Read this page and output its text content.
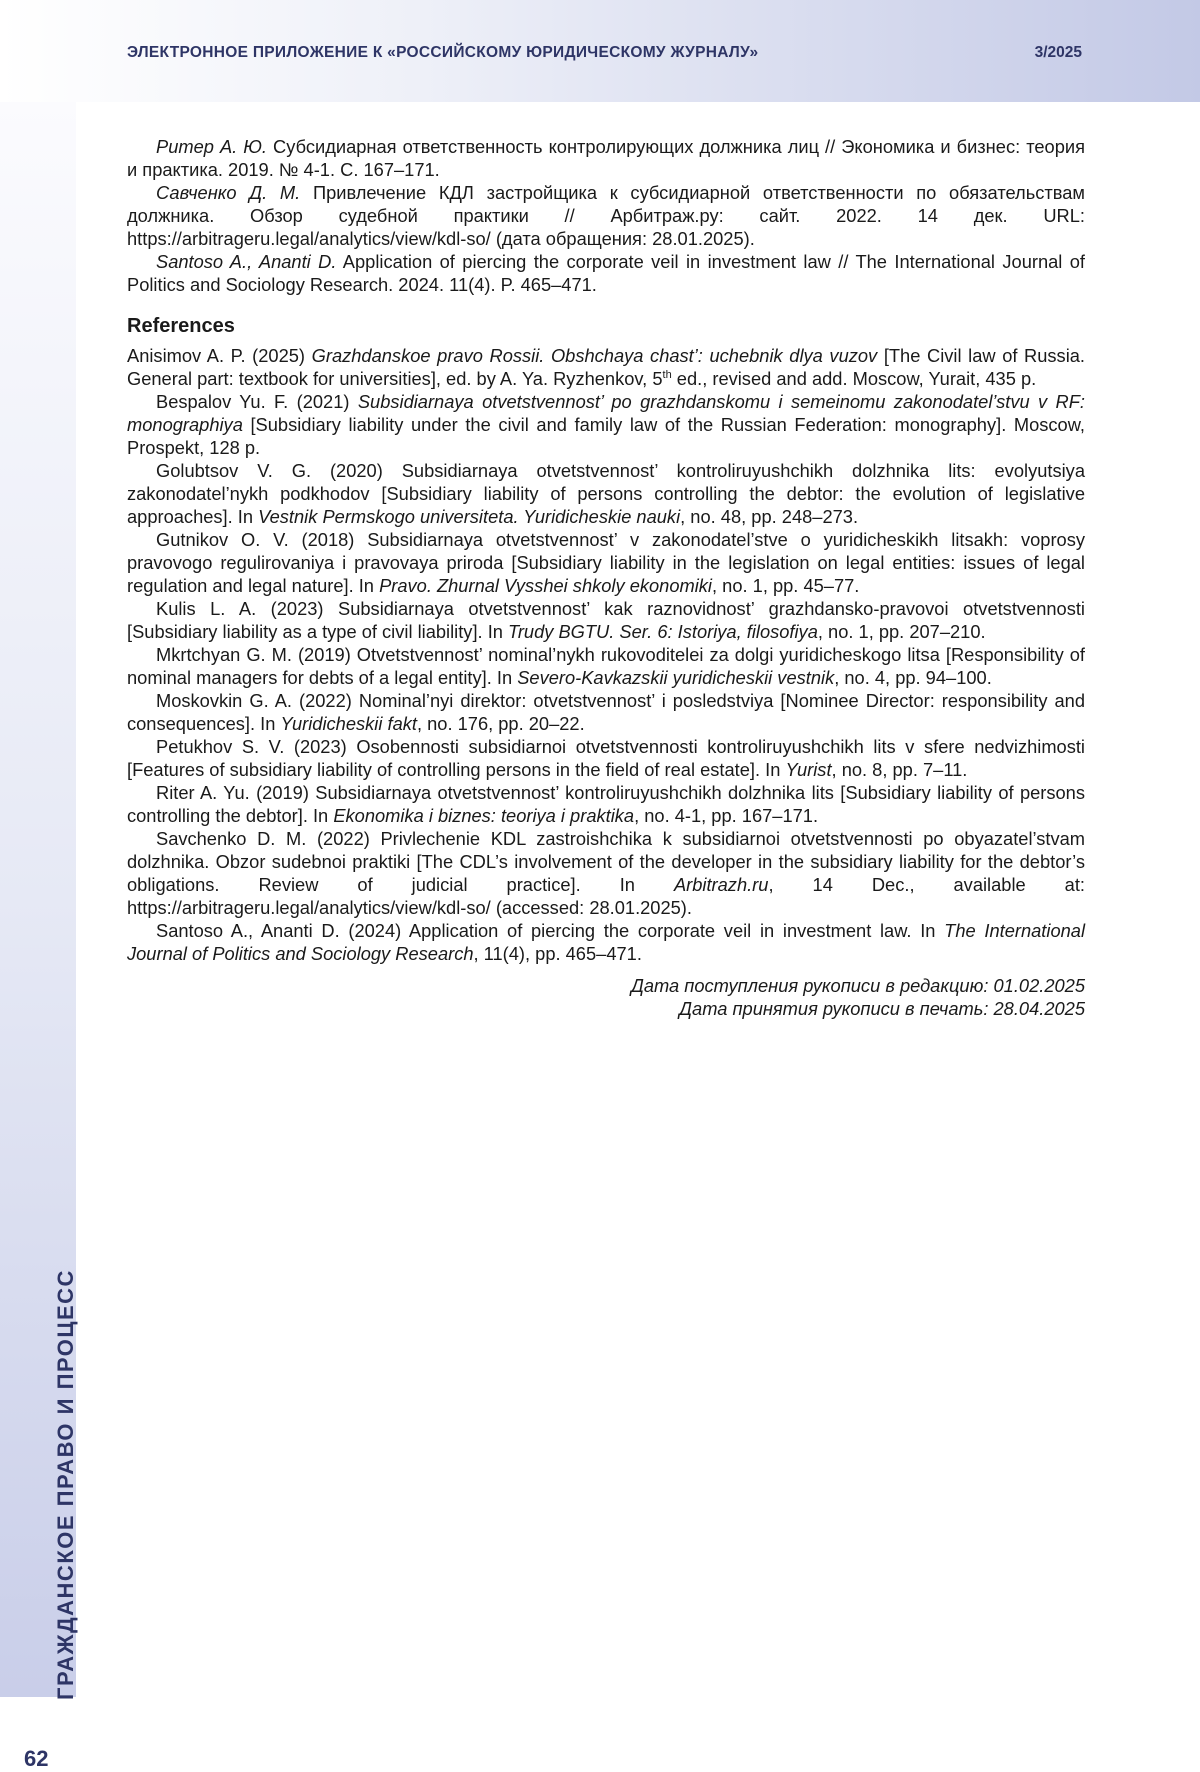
ЭЛЕКТРОННОЕ ПРИЛОЖЕНИЕ К «РОССИЙСКОМУ ЮРИДИЧЕСКОМУ ЖУРНАЛУ»	3/2025
ГРАЖДАНСКОЕ ПРАВО И ПРОЦЕСС
62

Ритер А. Ю. Субсидиарная ответственность контролирующих должника лиц // Экономика и бизнес: теория и практика. 2019. № 4-1. С. 167–171.

Савченко Д. М. Привлечение КДЛ застройщика к субсидиарной ответственности по обязательствам должника. Обзор судебной практики // Арбитраж.ру: сайт. 2022. 14 дек. URL: https://arbitrageru.legal/analytics/view/kdl-so/ (дата обращения: 28.01.2025).

Santoso A., Ananti D. Application of piercing the corporate veil in investment law // The International Journal of Politics and Sociology Research. 2024. 11(4). P. 465–471.

References

Anisimov A. P. (2025) Grazhdanskoe pravo Rossii. Obshchaya chast’: uchebnik dlya vuzov [The Civil law of Russia. General part: textbook for universities], ed. by A. Ya. Ryzhenkov, 5th ed., revised and add. Moscow, Yurait, 435 p.

Bespalov Yu. F. (2021) Subsidiarnaya otvetstvennost’ po grazhdanskomu i semeinomu zakonodatel’stvu v RF: monographiya [Subsidiary liability under the civil and family law of the Russian Federation: monography]. Moscow, Prospekt, 128 p.

Golubtsov V. G. (2020) Subsidiarnaya otvetstvennost’ kontroliruyushchikh dolzhnika lits: evolyutsiya zakonodatel’nykh podkhodov [Subsidiary liability of persons controlling the debtor: the evolution of legislative approaches]. In Vestnik Permskogo universiteta. Yuridicheskie nauki, no. 48, pp. 248–273.

Gutnikov O. V. (2018) Subsidiarnaya otvetstvennost’ v zakonodatel’stve o yuridicheskikh litsakh: voprosy pravovogo regulirovaniya i pravovaya priroda [Subsidiary liability in the legislation on legal entities: issues of legal regulation and legal nature]. In Pravo. Zhurnal Vysshei shkoly ekonomiki, no. 1, pp. 45–77.

Kulis L. A. (2023) Subsidiarnaya otvetstvennost’ kak raznovidnost’ grazhdansko-pravovoi otvetstvennosti [Subsidiary liability as a type of civil liability]. In Trudy BGTU. Ser. 6: Istoriya, filosofiya, no. 1, pp. 207–210.

Mkrtchyan G. M. (2019) Otvetstvennost’ nominal’nykh rukovoditelei za dolgi yuridicheskogo litsa [Responsibility of nominal managers for debts of a legal entity]. In Severo-Kavkazskii yuridicheskii vestnik, no. 4, pp. 94–100.

Moskovkin G. A. (2022) Nominal’nyi direktor: otvetstvennost’ i posledstviya [Nominee Director: responsibility and consequences]. In Yuridicheskii fakt, no. 176, pp. 20–22.

Petukhov S. V. (2023) Osobennosti subsidiarnoi otvetstvennosti kontroliruyushchikh lits v sfere nedvizhimosti [Features of subsidiary liability of controlling persons in the field of real estate]. In Yurist, no. 8, pp. 7–11.

Riter A. Yu. (2019) Subsidiarnaya otvetstvennost’ kontroliruyushchikh dolzhnika lits [Subsidiary liability of persons controlling the debtor]. In Ekonomika i biznes: teoriya i praktika, no. 4-1, pp. 167–171.

Savchenko D. M. (2022) Privlechenie KDL zastroishchika k subsidiarnoi otvetstvennosti po obyazatel’stvam dolzhnika. Obzor sudebnoi praktiki [The CDL’s involvement of the developer in the subsidiary liability for the debtor’s obligations. Review of judicial practice]. In Arbitrazh.ru, 14 Dec., available at: https://arbitrageru.legal/analytics/view/kdl-so/ (accessed: 28.01.2025).

Santoso A., Ananti D. (2024) Application of piercing the corporate veil in investment law. In The International Journal of Politics and Sociology Research, 11(4), pp. 465–471.

Дата поступления рукописи в редакцию: 01.02.2025
Дата принятия рукописи в печать: 28.04.2025
